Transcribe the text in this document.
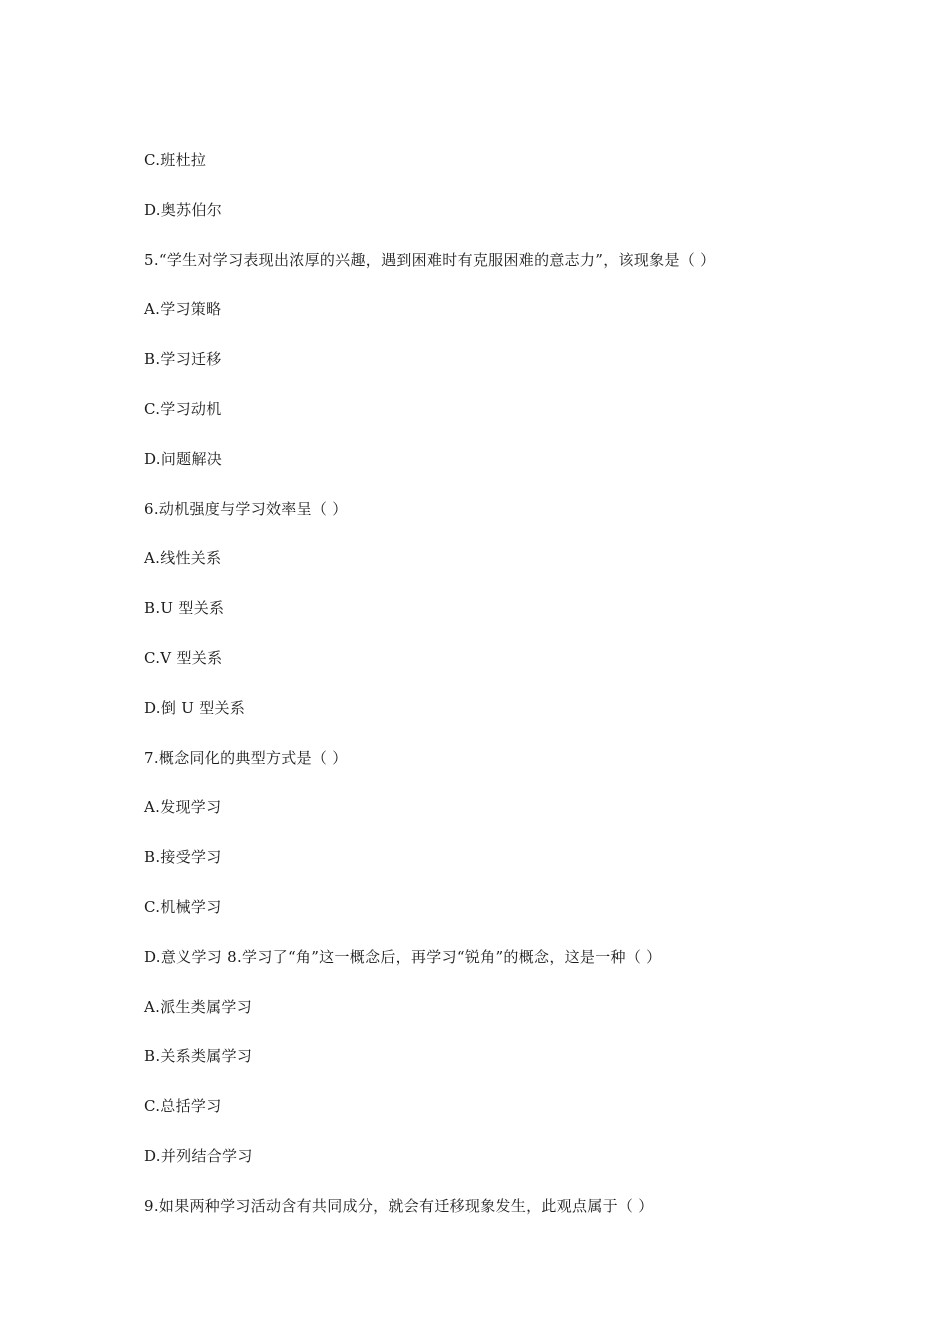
C.班杜拉
D.奥苏伯尔
5.“学生对学习表现出浓厚的兴趣，遇到困难时有克服困难的意志力”，该现象是（ ）
A.学习策略
B.学习迁移
C.学习动机
D.问题解决
6.动机强度与学习效率呈（ ）
A.线性关系
B.U 型关系
C.V 型关系
D.倒 U 型关系
7.概念同化的典型方式是（ ）
A.发现学习
B.接受学习
C.机械学习
D.意义学习 8.学习了“角”这一概念后，再学习“锐角”的概念，这是一种（ ）
A.派生类属学习
B.关系类属学习
C.总括学习
D.并列结合学习
9.如果两种学习活动含有共同成分，就会有迁移现象发生，此观点属于（ ）
